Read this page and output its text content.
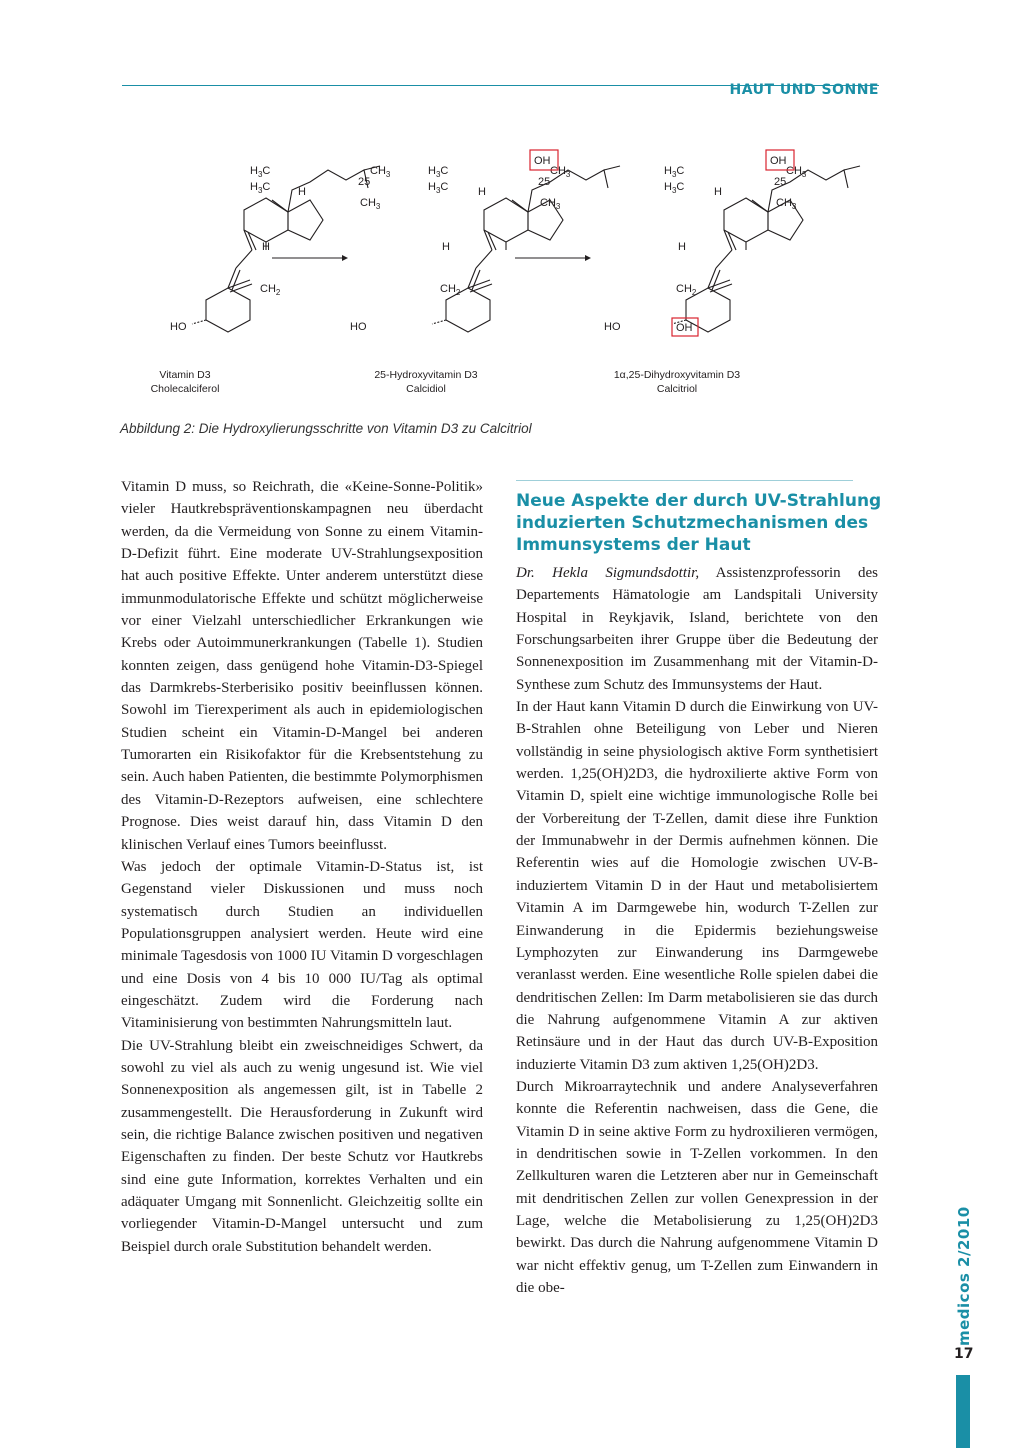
HAUT UND SONNE
$H_3C$
$H_3C$	H
H
$CH_3$
$CH_3$
25
$CH_2$
HO
$H_3C$
$H_3C$	H
H
$CH_3$
$CH_3$
25
$CH_2$
HO
OH
$H_3C$
$H_3C$	H
H
$CH_3$
$CH_3$
25
$CH_2$
HO
OH
OH
Vitamin D3
Cholecalciferol
25-Hydroxyvitamin D3
Calcidiol
1α,25-Dihydroxyvitamin D3
Calcitriol
Abbildung 2: Die Hydroxylierungsschritte von Vitamin D3 zu Calcitriol

Vitamin D muss, so Reichrath, die «Keine-Sonne-Politik» vieler Hautkrebspräventionskampagnen neu überdacht werden, da die Vermeidung von Sonne zu einem Vitamin-D-Defizit führt. Eine moderate UV-Strahlungsexposition hat auch positive Effekte. Unter anderem unterstützt diese immunmodulatorische Effekte und schützt möglicherweise vor einer Vielzahl unterschiedlicher Erkrankungen wie Krebs oder Autoimmunerkrankungen (Tabelle 1). Studien konnten zeigen, dass genügend hohe Vitamin-D3-Spiegel das Darmkrebs-Sterberisiko positiv beeinflussen können. Sowohl im Tierexperiment als auch in epidemiologischen Studien scheint ein Vitamin-D-Mangel bei anderen Tumorarten ein Risikofaktor für die Krebsentstehung zu sein. Auch haben Patienten, die bestimmte Polymorphismen des Vitamin-D-Rezeptors aufweisen, eine schlechtere Prognose. Dies weist darauf hin, dass Vitamin D den klinischen Verlauf eines Tumors beeinflusst.

Was jedoch der optimale Vitamin-D-Status ist, ist Gegenstand vieler Diskussionen und muss noch systematisch durch Studien an individuellen Populationsgruppen analysiert werden. Heute wird eine minimale Tagesdosis von 1000 IU Vitamin D vorgeschlagen und eine Dosis von 4 bis 10 000 IU/Tag als optimal eingeschätzt. Zudem wird die Forderung nach Vitaminisierung von bestimmten Nahrungsmitteln laut.

Die UV-Strahlung bleibt ein zweischneidiges Schwert, da sowohl zu viel als auch zu wenig ungesund ist. Wie viel Sonnenexposition als angemessen gilt, ist in Tabelle 2 zusammengestellt. Die Herausforderung in Zukunft wird sein, die richtige Balance zwischen positiven und negativen Eigenschaften zu finden. Der beste Schutz vor Hautkrebs sind eine gute Information, korrektes Verhalten und ein adäquater Umgang mit Sonnenlicht. Gleichzeitig sollte ein vorliegender Vitamin-D-Mangel untersucht und zum Beispiel durch orale Substitution behandelt werden.

Neue Aspekte der durch UV-Strahlung induzierten Schutzmechanismen des Immunsystems der Haut

Dr. Hekla Sigmundsdottir, Assistenzprofessorin des Departements Hämatologie am Landspitali University Hospital in Reykjavik, Island, berichtete von den Forschungsarbeiten ihrer Gruppe über die Bedeutung der Sonnenexposition im Zusammenhang mit der Vitamin-D-Synthese zum Schutz des Immunsystems der Haut.

In der Haut kann Vitamin D durch die Einwirkung von UV-B-Strahlen ohne Beteiligung von Leber und Nieren vollständig in seine physiologisch aktive Form synthetisiert werden. 1,25(OH)2D3, die hydroxilierte aktive Form von Vitamin D, spielt eine wichtige immunologische Rolle bei der Vorbereitung der T-Zellen, damit diese ihre Funktion der Immunabwehr in der Dermis aufnehmen können. Die Referentin wies auf die Homologie zwischen UV-B-induziertem Vitamin D in der Haut und metabolisiertem Vitamin A im Darmgewebe hin, wodurch T-Zellen zur Einwanderung in die Epidermis beziehungsweise Lymphozyten zur Einwanderung ins Darmgewebe veranlasst werden. Eine wesentliche Rolle spielen dabei die dendritischen Zellen: Im Darm metabolisieren sie das durch die Nahrung aufgenommene Vitamin A zur aktiven Retinsäure und in der Haut das durch UV-B-Exposition induzierte Vitamin D3 zum aktiven 1,25(OH)2D3.

Durch Mikroarraytechnik und andere Analyseverfahren konnte die Referentin nachweisen, dass die Gene, die Vitamin D in seine aktive Form zu hydroxilieren vermögen, in dendritischen sowie in T-Zellen vorkommen. In den Zellkulturen waren die Letzteren aber nur in Gemeinschaft mit dendritischen Zellen zur vollen Genexpression in der Lage, welche die Metabolisierung zu 1,25(OH)2D3 bewirkt. Das durch die Nahrung aufgenommene Vitamin D war nicht effektiv genug, um T-Zellen zum Einwandern in die obe-	medicos 2/2010
17
